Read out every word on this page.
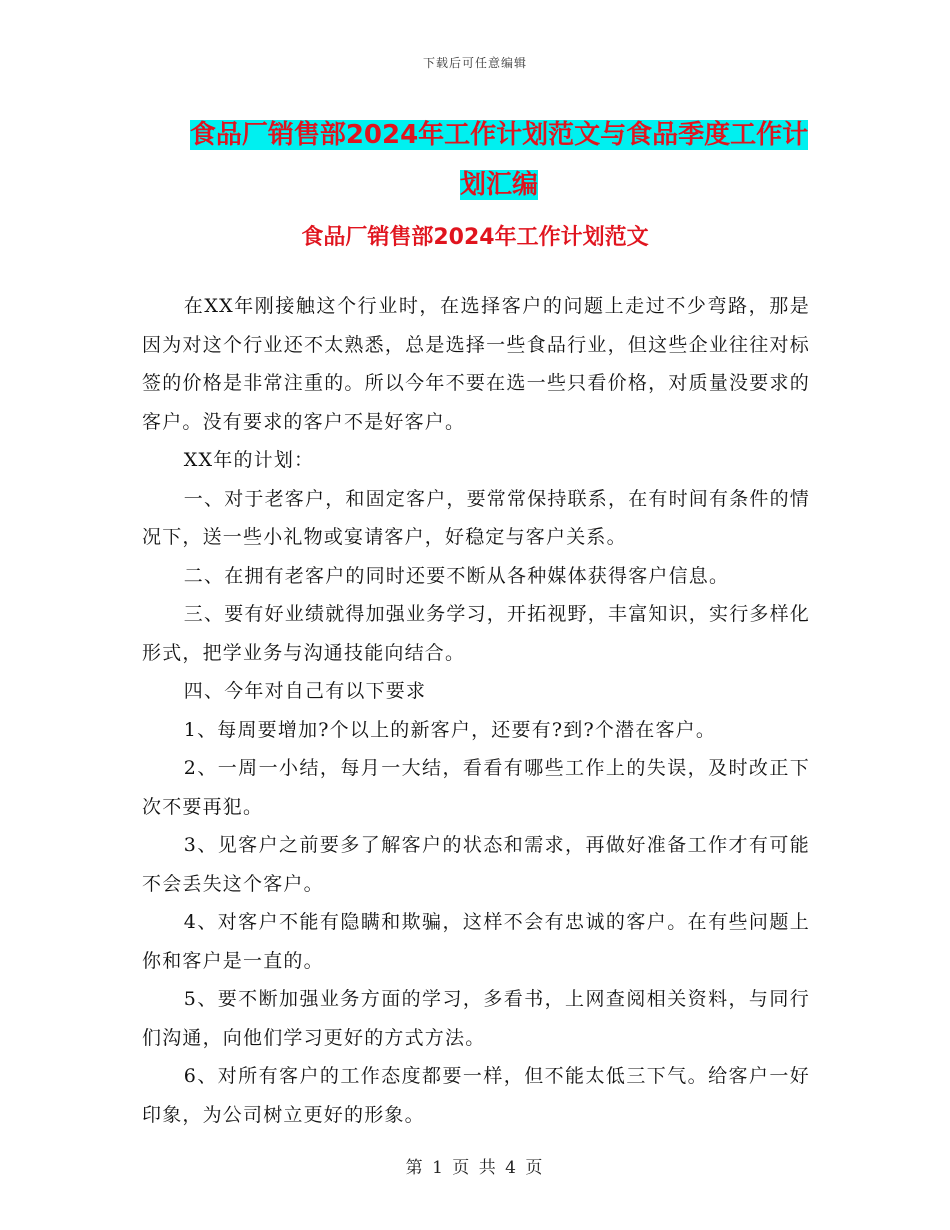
下载后可任意编辑
食品厂销售部2024年工作计划范文与食品季度工作计划汇编
食品厂销售部2024年工作计划范文

在XX年刚接触这个行业时，在选择客户的问题上走过不少弯路，那是因为对这个行业还不太熟悉，总是选择一些食品行业，但这些企业往往对标签的价格是非常注重的。所以今年不要在选一些只看价格，对质量没要求的客户。没有要求的客户不是好客户。

XX年的计划：

一、对于老客户，和固定客户，要常常保持联系，在有时间有条件的情况下，送一些小礼物或宴请客户，好稳定与客户关系。

二、在拥有老客户的同时还要不断从各种媒体获得客户信息。

三、要有好业绩就得加强业务学习，开拓视野，丰富知识，实行多样化形式，把学业务与沟通技能向结合。

四、今年对自己有以下要求

1、每周要增加?个以上的新客户，还要有?到?个潜在客户。

2、一周一小结，每月一大结，看看有哪些工作上的失误，及时改正下次不要再犯。

3、见客户之前要多了解客户的状态和需求，再做好准备工作才有可能不会丢失这个客户。

4、对客户不能有隐瞒和欺骗，这样不会有忠诚的客户。在有些问题上你和客户是一直的。

5、要不断加强业务方面的学习，多看书，上网查阅相关资料，与同行们沟通，向他们学习更好的方式方法。

6、对所有客户的工作态度都要一样，但不能太低三下气。给客户一好印象，为公司树立更好的形象。

第 1 页 共 4 页
